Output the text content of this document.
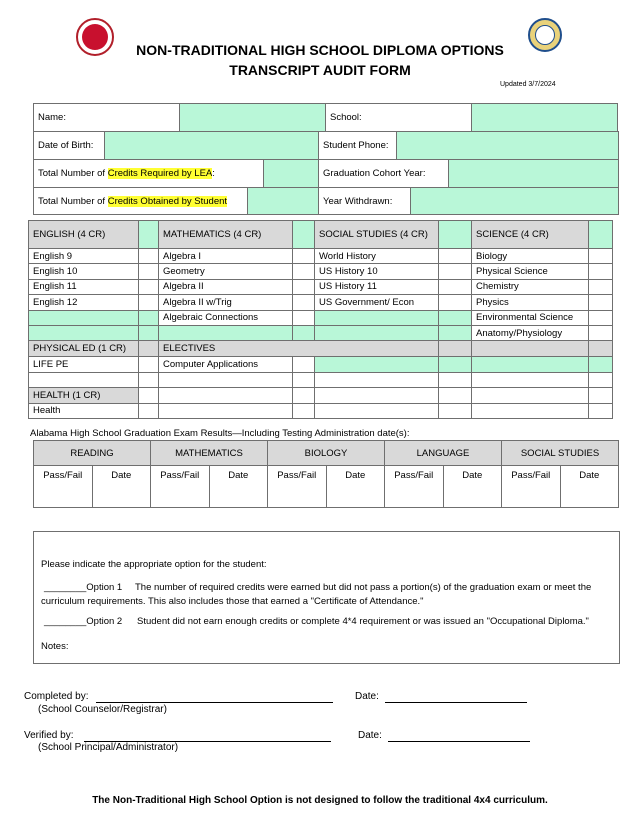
NON-TRADITIONAL HIGH SCHOOL DIPLOMA OPTIONS
TRANSCRIPT AUDIT FORM
Updated 3/7/2024
Name:		School:	
Date of Birth:		Student Phone:	
Total Number of Credits Required by LEA:		Graduation Cohort Year:	
Total Number of Credits Obtained by Student		Year Withdrawn:	
ENGLISH (4 CR)		MATHEMATICS (4 CR)		SOCIAL STUDIES (4 CR)		SCIENCE (4 CR)	
English 9		Algebra I		World History		Biology	
English 10		Geometry		US History 10		Physical Science	
English 11		Algebra II		US History 11		Chemistry	
English 12		Algebra II w/Trig		US Government/ Econ		Physics	
		Algebraic Connections				Environmental Science	
						Anatomy/Physiology	
PHYSICAL ED (1 CR)		ELECTIVES					
LIFE PE		Computer Applications					

HEALTH (1 CR)							
Health							
Alabama High School Graduation Exam Results—Including Testing Administration date(s):
READING		MATHEMATICS		BIOLOGY		LANGUAGE		SOCIAL STUDIES	
Pass/Fail	Date	Pass/Fail	Date	Pass/Fail	Date	Pass/Fail	Date	Pass/Fail	Date
Please indicate the appropriate option for the student:
________Option 1 The number of required credits were earned but did not pass a portion(s) of the graduation exam or meet the
curriculum requirements. This also includes those that earned a "Certificate of Attendance."
________Option 2 Student did not earn enough credits or complete 4*4 requirement or was issued an "Occupational Diploma."
Notes:
Completed by:
(School Counselor/Registrar)
Date:
Verified by:
(School Principal/Administrator)
Date:
The Non-Traditional High School Option is not designed to follow the traditional 4x4 curriculum.
